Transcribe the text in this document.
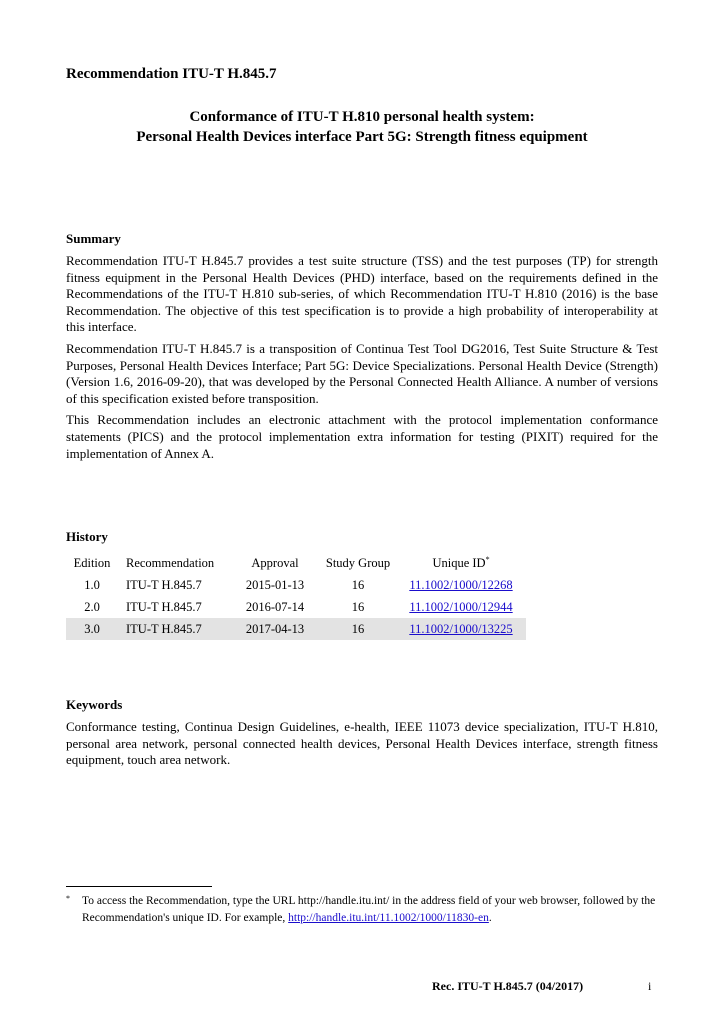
Recommendation ITU-T H.845.7
Conformance of ITU-T H.810 personal health system:
Personal Health Devices interface Part 5G: Strength fitness equipment
Summary

Recommendation ITU-T H.845.7 provides a test suite structure (TSS) and the test purposes (TP) for strength fitness equipment in the Personal Health Devices (PHD) interface, based on the requirements defined in the Recommendations of the ITU-T H.810 sub-series, of which Recommendation ITU-T H.810 (2016) is the base Recommendation. The objective of this test specification is to provide a high probability of interoperability at this interface.

Recommendation ITU-T H.845.7 is a transposition of Continua Test Tool DG2016, Test Suite Structure & Test Purposes, Personal Health Devices Interface; Part 5G: Device Specializations. Personal Health Device (Strength) (Version 1.6, 2016-09-20), that was developed by the Personal Connected Health Alliance. A number of versions of this specification existed before transposition.

This Recommendation includes an electronic attachment with the protocol implementation conformance statements (PICS) and the protocol implementation extra information for testing (PIXIT) required for the implementation of Annex A.

History
Edition	Recommendation	Approval	Study Group	Unique ID*
1.0	ITU-T H.845.7	2015-01-13	16	11.1002/1000/12268
2.0	ITU-T H.845.7	2016-07-14	16	11.1002/1000/12944
3.0	ITU-T H.845.7	2017-04-13	16	11.1002/1000/13225
Keywords

Conformance testing, Continua Design Guidelines, e-health, IEEE 11073 device specialization, ITU-T H.810, personal area network, personal connected health devices, Personal Health Devices interface, strength fitness equipment, touch area network.

* To access the Recommendation, type the URL http://handle.itu.int/ in the address field of your web browser, followed by the Recommendation's unique ID. For example, http://handle.itu.int/11.1002/1000/11830-en.
Rec. ITU-T H.845.7 (04/2017)	i
